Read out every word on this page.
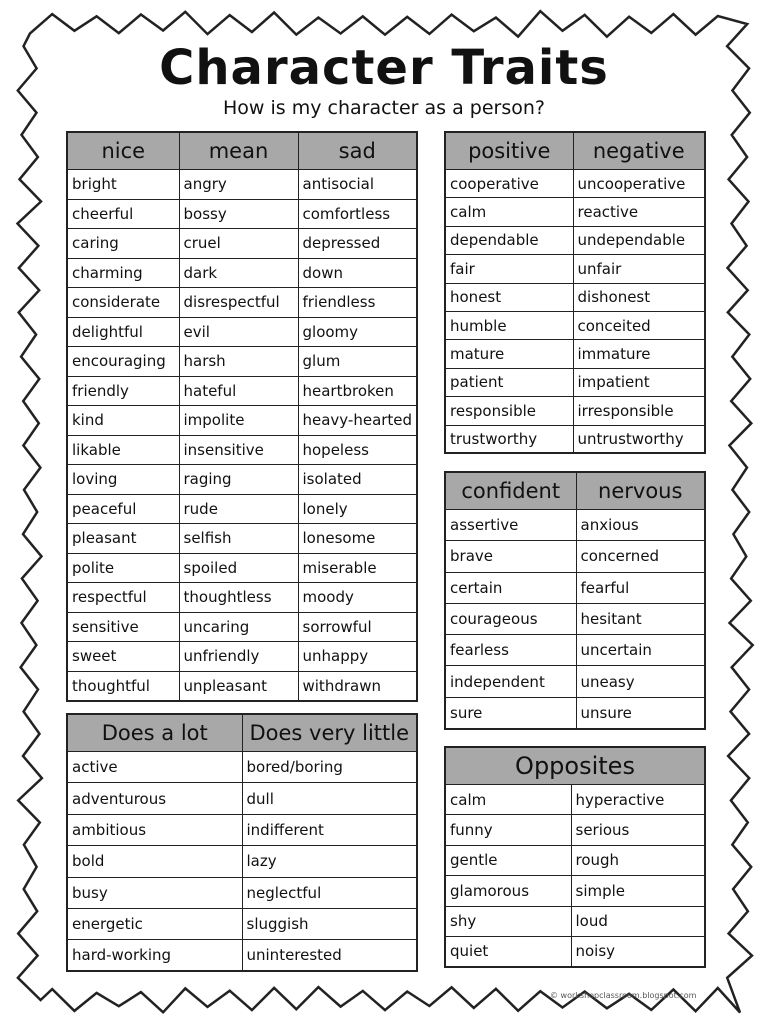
Character Traits
How is my character as a person?
nice	mean	sad
bright	angry	antisocial
cheerful	bossy	comfortless
caring	cruel	depressed
charming	dark	down
considerate	disrespectful	friendless
delightful	evil	gloomy
encouraging	harsh	glum
friendly	hateful	heartbroken
kind	impolite	heavy-hearted
likable	insensitive	hopeless
loving	raging	isolated
peaceful	rude	lonely
pleasant	selfish	lonesome
polite	spoiled	miserable
respectful	thoughtless	moody
sensitive	uncaring	sorrowful
sweet	unfriendly	unhappy
thoughtful	unpleasant	withdrawn
positive	negative
cooperative	uncooperative
calm	reactive
dependable	undependable
fair	unfair
honest	dishonest
humble	conceited
mature	immature
patient	impatient
responsible	irresponsible
trustworthy	untrustworthy
confident	nervous
assertive	anxious
brave	concerned
certain	fearful
courageous	hesitant
fearless	uncertain
independent	uneasy
sure	unsure
Does a lot	Does very little
active	bored/boring
adventurous	dull
ambitious	indifferent
bold	lazy
busy	neglectful
energetic	sluggish
hard-working	uninterested
Opposites	
calm	hyperactive
funny	serious
gentle	rough
glamorous	simple
shy	loud
quiet	noisy
© workshopclassroom.blogspot.com
